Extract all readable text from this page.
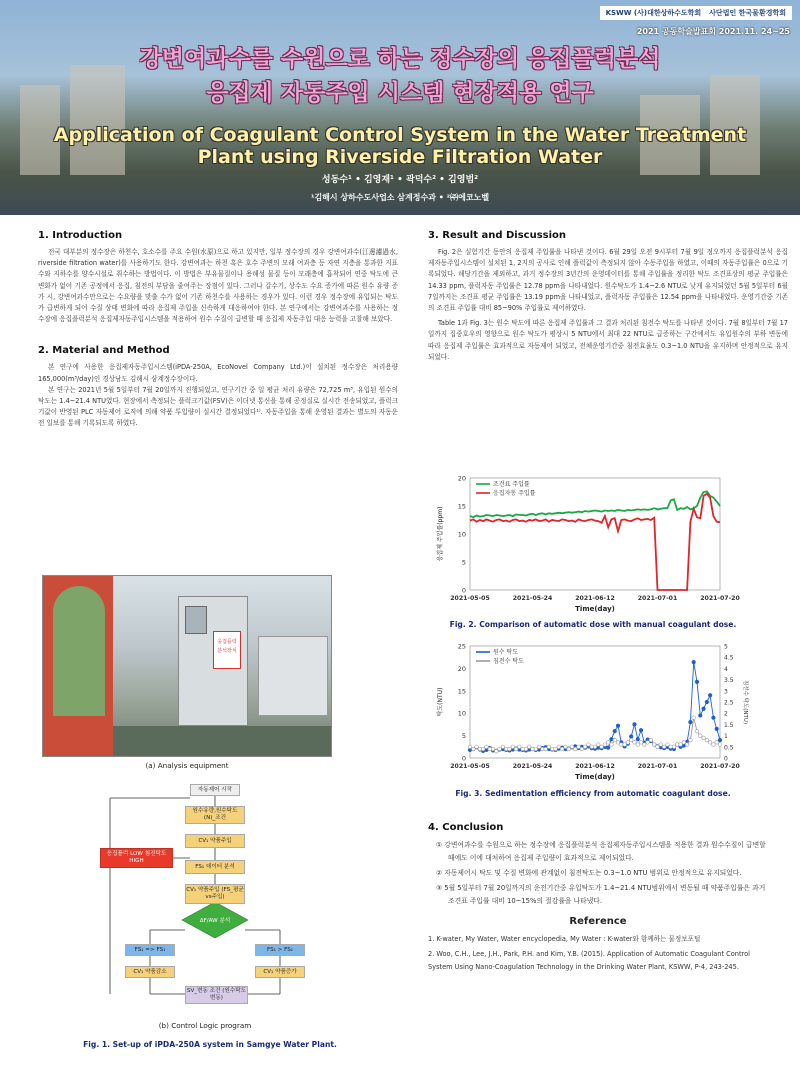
KSWW (사)대한상하수도학회 사단법인 한국물환경학회
2021 공동학술발표회 2021.11. 24~25
강변여과수를 수원으로 하는 정수장의 응집플럭분석
응집제 자동주입 시스템 현장적용 연구
Application of Coagulant Control System in the Water Treatment
Plant using Riverside Filtration Water
성동수¹ • 김영재¹ • 곽덕수² • 김영범²
¹김해시 상하수도사업소 삼계정수과 • ²㈜에코노벨
1. Introduction

전국 대부분의 정수장은 하천수, 호소수를 주요 수원(水原)으로 하고 있지만, 일부 정수장의 경우 강변여과수(江邊濾過水, riverside filtration water)를 사용하기도 한다. 강변여과는 하천 혹은 호수 주변의 모래 여과층 등 자연 지층을 통과한 지표수와 지하수를 양수시설로 취수하는 방법이다. 이 방법은 부유물질이나 용해성 물질 등이 모래층에 흡착되어 연중 탁도에 큰 변화가 없어 기존 공정에서 응집, 침전의 부담을 줄여주는 장점이 있다. 그러나 갈수기, 상수도 수요 증가에 따른 원수 유량 증가 시, 강변여과수만으로는 수요량을 맞출 수가 없어 기존 하천수를 사용하는 경우가 있다. 이런 경우 정수장에 유입되는 탁도가 급변하게 되어 수질 상태 변화에 따라 응집제 주입을 신속하게 대응하여야 한다. 본 연구에서는 강변여과수를 사용하는 정수장에 응집플럭분석 응집제자동주입시스템을 적용하여 원수 수질이 급변할 때 응집제 자동주입 대응 능력을 고찰해 보았다.

2. Material and Method

본 연구에 사용한 응집제자동주입시스템(iPDA-250A, EcoNovel Company Ltd.)이 설치된 정수장은 처리용량 165,000(m³/day)인 경상남도 김해시 삼계정수장이다.

본 연구는 2021년 5월 5일부터 7월 20일까지 진행되었고, 연구기간 중 일 평균 처리 유량은 72,725 m³, 유입된 원수의 탁도는 1.4~21.4 NTU였다. 현장에서 측정되는 플럭크기값(FSV)은 이더넷 통신을 통해 공정실로 실시간 전송되었고, 플럭크기값이 반영된 PLC 자동제어 로직에 의해 약품 투입량이 실시간 결정되었다¹⁾. 자동주입을 통해 운영된 결과는 별도의 자동운전 일보를 통해 기록되도록 하였다.

응집플럭
분석장치
(a) Analysis equipment
자동제어 시작
원수유량,원수탁도 (N)_조건
CV₁ 약품주입
응집플럭 LOW 침전탁도 HIGH
FS₁ 데이터 분석
CV₁ 약품주입 (FS_평균vs주입)
ΔF/AW 분석
FS₁ => FS₁	FS₁ > FS₁
CV₁ 약품감소	CV₁ 약품증가
SV_변동 조건 (원수탁도 변동)
(b) Control Logic program
Fig. 1. Set-up of iPDA-250A system in Samgye Water Plant.
3. Result and Discussion

Fig. 2은 실험기간 동안의 응집제 주입률을 나타낸 것이다. 6월 29일 오전 9시부터 7월 9일 정오까지 응집플럭분석 응집제자동주입시스템이 설치된 1, 2지의 공사로 인해 플럭값이 측정되지 않아 수동주입을 하였고, 이때의 자동주입률은 0으로 기록되었다. 해당기간을 제외하고, 과거 정수장의 3년간의 운영데이터를 통해 주입률을 정리한 탁도 조견표상의 평균 주입률은 14.33 ppm, 플럭자동 주입률은 12.78 ppm을 나타내었다. 원수탁도가 1.4~2.6 NTU로 낮게 유지되었던 5월 5일부터 6월 7일까지는 조견표 평균 주입률은 13.19 ppm을 나타내었고, 플럭자동 주입률은 12.54 ppm을 나타내었다. 운영기간중 기존의 조견표 주입률 대비 85~90% 주입률로 제어하였다.

Table 1과 Fig. 3는 원수 탁도에 따른 응집제 주입률과 그 결과 처리된 침전수 탁도를 나타낸 것이다. 7월 8일부터 7월 17일까지 집중호우의 영향으로 원수 탁도가 평상시 5 NTU에서 최대 22 NTU로 급증하는 구간에서도 유입원수의 부하 변동에 따라 응집제 주입률은 효과적으로 자동제어 되었고, 전체운영기간중 침전효율도 0.3~1.0 NTU을 유지하며 안정적으로 유지되었다.

0
5
10
15
20
2021-05-05	2021-05-24	2021-06-12	2021-07-01	2021-07-20
Time(day)
응집제 주입률(ppm)
조견표 주입률
응집자동 주입률
Fig. 2. Comparison of automatic dose with manual coagulant dose.
0
5
10
15
20
25
0
0.5
1
1.5
2
2.5
3
3.5
4
4.5
5
침전수 탁도(NTU)
2021-05-05	2021-05-24	2021-06-12	2021-07-01	2021-07-20
Time(day)
탁도(NTU)
원수 탁도
침전수 탁도
Fig. 3. Sedimentation efficiency from automatic coagulant dose.
4. Conclusion
① 강변여과수를 수원으로 하는 정수장에 응집플럭분석 응집제자동주입시스템을 적용한 결과 원수수질이 급변할 때에도 이에 대처하여 응집제 주입량이 효과적으로 제어되었다.
② 자동제어시 탁도 및 수질 변화에 관계없이 침전탁도는 0.3~1.0 NTU 범위로 안정적으로 유지되었다.
③ 5월 5일부터 7월 20일까지의 운전기간중 유입탁도가 1.4~21.4 NTU범위에서 변동될 때 약품주입률은 과거 조견표 주입률 대비 10~15%의 절감률을 나타냈다.
Reference
1. K-water, My Water, Water encyclopedia, My Water : K-water와 함께하는 물정보포털
2. Woo, C.H., Lee, J.H., Park, P.H. and Kim, Y.B. (2015). Application of Automatic Coagulant Control System Using Nano-Coagulation Technology in the Drinking Water Plant, KSWW, P-4, 243-245.
